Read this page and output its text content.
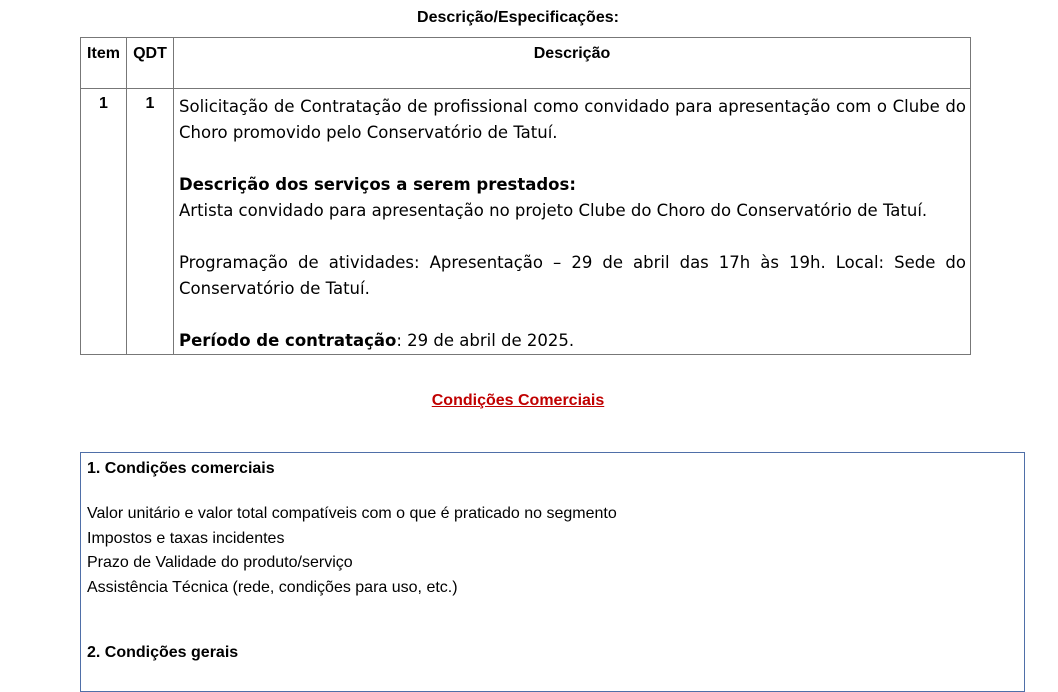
Descrição/Especificações:
Item	QDT	Descrição
1	1	Solicitação de Contratação de profissional como convidado para apresentação com o Clube do Choro promovido pelo Conservatório de Tatuí.

Descrição dos serviços a serem prestados:
Artista convidado para apresentação no projeto Clube do Choro do Conservatório de Tatuí.

Programação de atividades: Apresentação – 29 de abril das 17h às 19h. Local: Sede do Conservatório de Tatuí.

Período de contratação: 29 de abril de 2025.

Condições Comerciais
1. Condições comerciais
Valor unitário e valor total compatíveis com o que é praticado no segmento
Impostos e taxas incidentes
Prazo de Validade do produto/serviço
Assistência Técnica (rede, condições para uso, etc.)
2. Condições gerais
